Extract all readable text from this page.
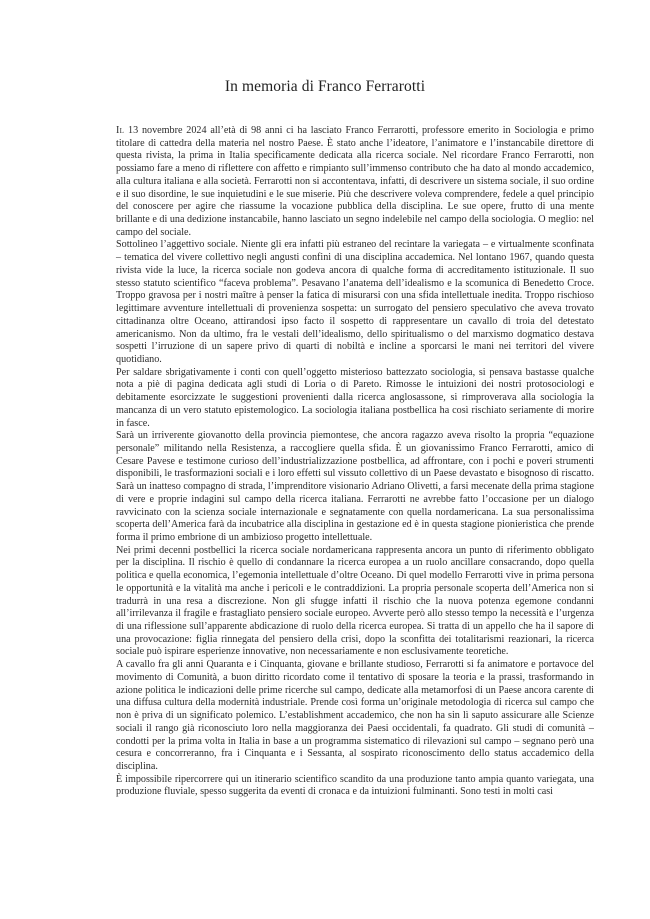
In memoria di Franco Ferrarotti

Il 13 novembre 2024 all’età di 98 anni ci ha lasciato Franco Ferrarotti, professore emerito in Sociologia e primo titolare di cattedra della materia nel nostro Paese. È stato anche l’ideatore, l’animatore e l’instancabile direttore di questa rivista, la prima in Italia specificamente dedicata alla ricerca sociale. Nel ricordare Franco Ferrarotti, non possiamo fare a meno di riflettere con affetto e rimpianto sull’immenso contributo che ha dato al mondo accademico, alla cultura italiana e alla società. Ferrarotti non si accontentava, infatti, di descrivere un sistema sociale, il suo ordine e il suo disordine, le sue inquietudini e le sue miserie. Più che descrivere voleva comprendere, fedele a quel principio del conoscere per agire che riassume la vocazione pubblica della disciplina. Le sue opere, frutto di una mente brillante e di una dedizione instancabile, hanno lasciato un segno indelebile nel campo della sociologia. O meglio: nel campo del sociale.

Sottolineo l’aggettivo sociale. Niente gli era infatti più estraneo del recintare la variegata – e virtualmente sconfinata – tematica del vivere collettivo negli angusti confini di una disciplina accademica. Nel lontano 1967, quando questa rivista vide la luce, la ricerca sociale non godeva ancora di qualche forma di accreditamento istituzionale. Il suo stesso statuto scientifico “faceva problema”. Pesavano l’anatema dell’idealismo e la scomunica di Benedetto Croce. Troppo gravosa per i nostri maître à penser la fatica di misurarsi con una sfida intellettuale inedita. Troppo rischioso legittimare avventure intellettuali di provenienza sospetta: un surrogato del pensiero speculativo che aveva trovato cittadinanza oltre Oceano, attirandosi ipso facto il sospetto di rappresentare un cavallo di troia del detestato americanismo. Non da ultimo, fra le vestali dell’idealismo, dello spiritualismo o del marxismo dogmatico destava sospetti l’irruzione di un sapere privo di quarti di nobiltà e incline a sporcarsi le mani nei territori del vivere quotidiano.

Per saldare sbrigativamente i conti con quell’oggetto misterioso battezzato sociologia, si pensava bastasse qualche nota a piè di pagina dedicata agli studi di Loria o di Pareto. Rimosse le intuizioni dei nostri protosociologi e debitamente esorcizzate le suggestioni provenienti dalla ricerca anglosassone, si rimproverava alla sociologia la mancanza di un vero statuto epistemologico. La sociologia italiana postbellica ha così rischiato seriamente di morire in fasce.

Sarà un irriverente giovanotto della provincia piemontese, che ancora ragazzo aveva risolto la propria “equazione personale” militando nella Resistenza, a raccogliere quella sfida. È un giovanissimo Franco Ferrarotti, amico di Cesare Pavese e testimone curioso dell’industrializzazione postbellica, ad affrontare, con i pochi e poveri strumenti disponibili, le trasformazioni sociali e i loro effetti sul vissuto collettivo di un Paese devastato e bisognoso di riscatto. Sarà un inatteso compagno di strada, l’imprenditore visionario Adriano Olivetti, a farsi mecenate della prima stagione di vere e proprie indagini sul campo della ricerca italiana. Ferrarotti ne avrebbe fatto l’occasione per un dialogo ravvicinato con la scienza sociale internazionale e segnatamente con quella nordamericana. La sua personalissima scoperta dell’America farà da incubatrice alla disciplina in gestazione ed è in questa stagione pionieristica che prende forma il primo embrione di un ambizioso progetto intellettuale.

Nei primi decenni postbellici la ricerca sociale nordamericana rappresenta ancora un punto di riferimento obbligato per la disciplina. Il rischio è quello di condannare la ricerca europea a un ruolo ancillare consacrando, dopo quella politica e quella economica, l’egemonia intellettuale d’oltre Oceano. Di quel modello Ferrarotti vive in prima persona le opportunità e la vitalità ma anche i pericoli e le contraddizioni. La propria personale scoperta dell’America non si tradurrà in una resa a discrezione. Non gli sfugge infatti il rischio che la nuova potenza egemone condanni all’irrilevanza il fragile e frastagliato pensiero sociale europeo. Avverte però allo stesso tempo la necessità e l’urgenza di una riflessione sull’apparente abdicazione di ruolo della ricerca europea. Si tratta di un appello che ha il sapore di una provocazione: figlia rinnegata del pensiero della crisi, dopo la sconfitta dei totalitarismi reazionari, la ricerca sociale può ispirare esperienze innovative, non necessariamente e non esclusivamente teoretiche.

A cavallo fra gli anni Quaranta e i Cinquanta, giovane e brillante studioso, Ferrarotti si fa animatore e portavoce del movimento di Comunità, a buon diritto ricordato come il tentativo di sposare la teoria e la prassi, trasformando in azione politica le indicazioni delle prime ricerche sul campo, dedicate alla metamorfosi di un Paese ancora carente di una diffusa cultura della modernità industriale. Prende così forma un’originale metodologia di ricerca sul campo che non è priva di un significato polemico. L’establishment accademico, che non ha sin lì saputo assicurare alle Scienze sociali il rango già riconosciuto loro nella maggioranza dei Paesi occidentali, fa quadrato. Gli studi di comunità – condotti per la prima volta in Italia in base a un programma sistematico di rilevazioni sul campo – segnano però una cesura e concorreranno, fra i Cinquanta e i Sessanta, al sospirato riconoscimento dello status accademico della disciplina.

È impossibile ripercorrere qui un itinerario scientifico scandito da una produzione tanto ampia quanto variegata, una produzione fluviale, spesso suggerita da eventi di cronaca e da intuizioni fulminanti. Sono testi in molti casi
